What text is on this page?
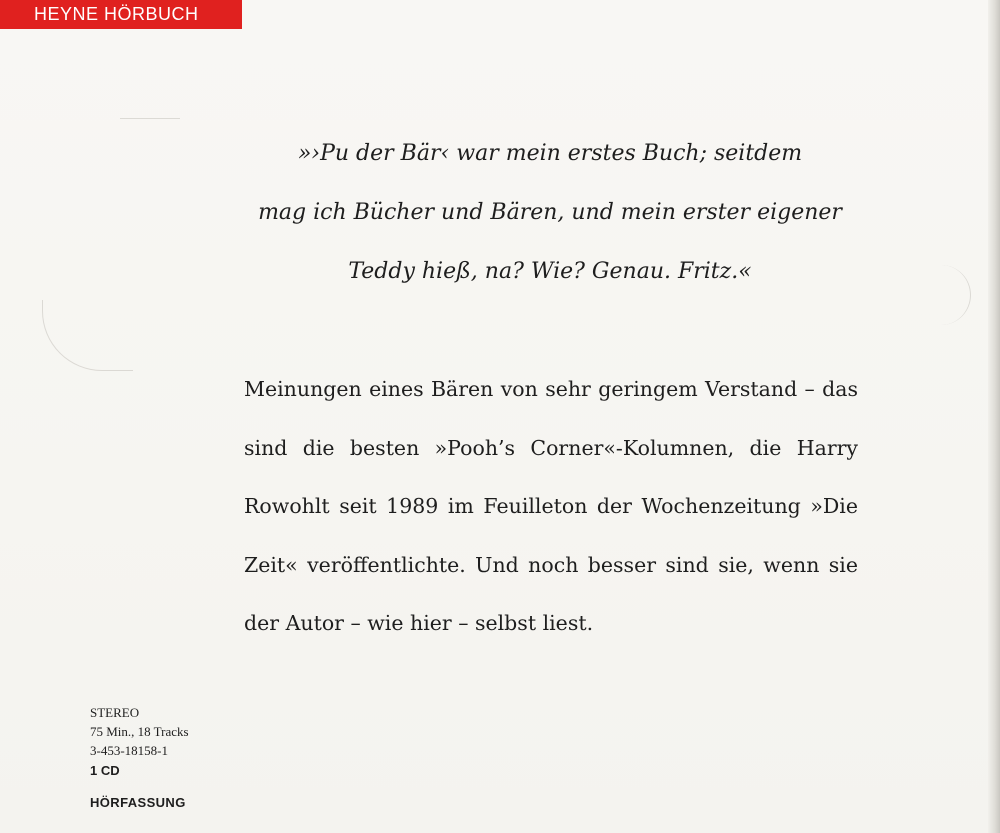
HEYNE HÖRBUCH
»›Pu der Bär‹ war mein erstes Buch; seitdem
mag ich Bücher und Bären, und mein erster eigener
Teddy hieß, na? Wie? Genau. Fritz.«
Meinungen eines Bären von sehr geringem Verstand – das
sind die besten »Pooh’s Corner«-Kolumnen, die Harry
Rowohlt seit 1989 im Feuilleton der Wochenzeitung »Die
Zeit« veröffentlichte. Und noch besser sind sie, wenn sie
der Autor – wie hier – selbst liest.
STEREO
75 Min., 18 Tracks
3-453-18158-1
1 CD
HÖRFASSUNG
